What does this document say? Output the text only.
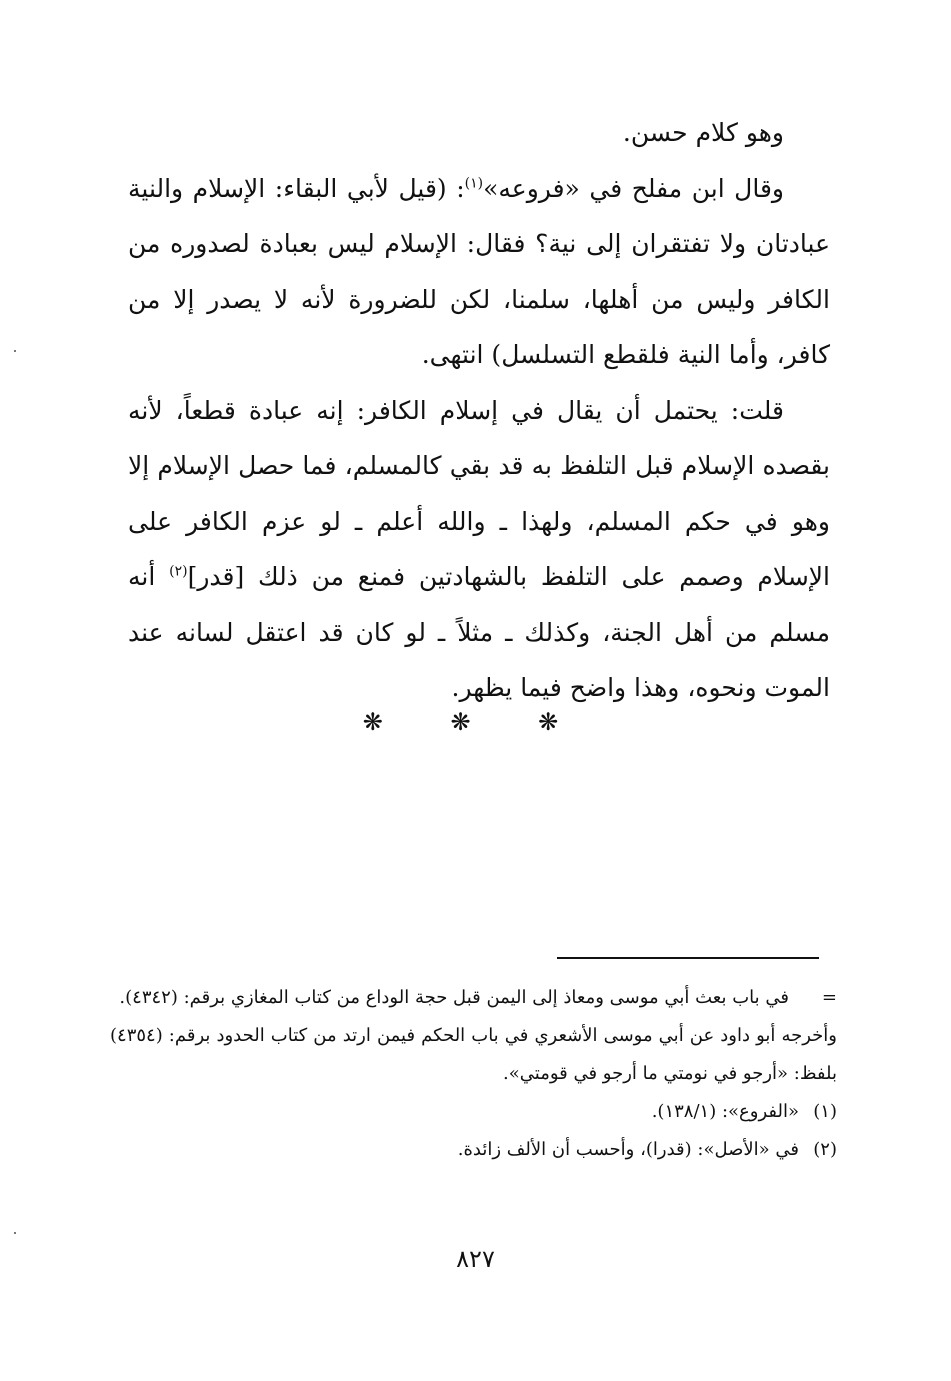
وهو كلام حسن.

وقال ابن مفلح في «فروعه»$^{(١)}$: (قيل لأبي البقاء: الإسلام والنية عبادتان ولا تفتقران إلى نية؟ فقال: الإسلام ليس بعبادة لصدوره من الكافر وليس من أهلها، سلمنا، لكن للضرورة لأنه لا يصدر إلا من كافر، وأما النية فلقطع التسلسل) انتهى.

قلت: يحتمل أن يقال في إسلام الكافر: إنه عبادة قطعاً، لأنه بقصده الإسلام قبل التلفظ به قد بقي كالمسلم، فما حصل الإسلام إلا وهو في حكم المسلم، ولهذا ـ والله أعلم ـ لو عزم الكافر على الإسلام وصمم على التلفظ بالشهادتين فمنع من ذلك [قدر]$^{(٢)}$ أنه مسلم من أهل الجنة، وكذلك ـ مثلاً ـ لو كان قد اعتقل لسانه عند الموت ونحوه، وهذا واضح فيما يظهر.

❋ ❋ ❋
=
في باب بعث أبي موسى ومعاذ إلى اليمن قبل حجة الوداع من كتاب المغازي برقم: (٤٣٤٢).
وأخرجه أبو داود عن أبي موسى الأشعري في باب الحكم فيمن ارتد من كتاب الحدود برقم: (٤٣٥٤) بلفظ: «أرجو في نومتي ما أرجو في قومتي».
(١)
«الفروع»: (١٣٨/١).
(٢)
في «الأصل»: (قدرا)، وأحسب أن الألف زائدة.
٨٢٧
